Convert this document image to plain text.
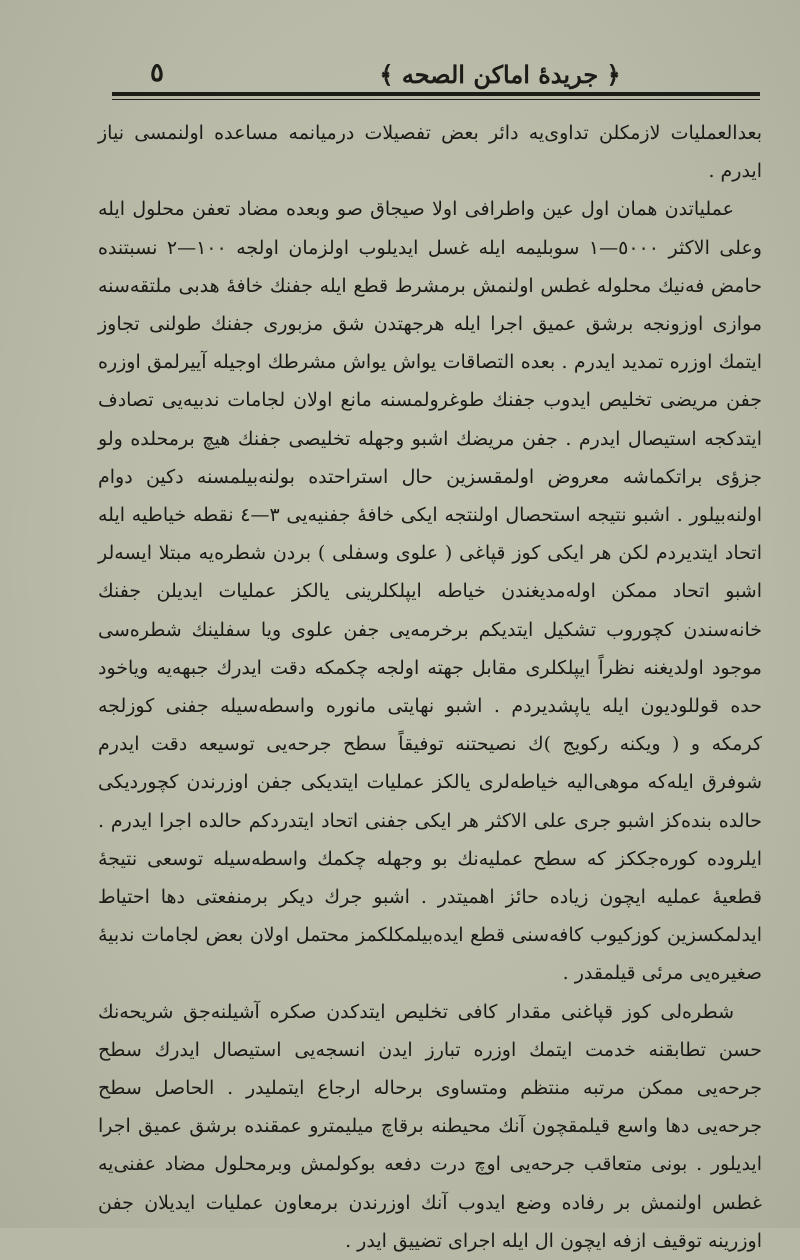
٥	﴿ جريدهٔ اماكن الصحه ﴾

بعدالعمليات لازمكلن تداوی‌يه دائر بعض تفصيلات درميانمه مساعده اولنمسی نياز ايدرم .

عملياتدن همان اول عين واطرافی اولا صيجاق صو وبعده مضاد تعفن محلول ايله وعلى الاكثر ٥٠٠٠—١ سوبليمه ايله غسل ايديلوب اولزمان اولجه ١٠٠—٢ نسبتنده حامض فه‌نيك محلوله غطس اولنمش برمشرط قطع ايله جفنك خافهٔ هدبی ملتقه‌سنه موازی اوزونجه برشق عميق اجرا ايله هرجهتدن شق مزبوری جفنك طولنی تجاوز ايتمك اوزره تمديد ايدرم . بعده التصاقات يواش يواش مشرطك اوجيله آييرلمق اوزره جفن مريضی تخليص ايدوب جفنك طوغرولمسنه مانع اولان لجامات ندبيه‌يی تصادف ايتدكجه استيصال ايدرم . جفن مريضك اشبو وجهله تخليصی جفنك هيچ برمحلده ولو جزؤی براتكماشه معروض اولمقسزين حال استراحتده بولنه‌بيلمسنه دكين دوام اولنه‌بيلور . اشبو نتيجه استحصال اولنتجه ايكی خافهٔ جفنيه‌يی ٣—٤ نقطه خياطيه ايله اتحاد ايتديردم لكن هر ايكی كوز قپاغی ( علوی وسفلی ) بردن شطره‌يه مبتلا ايسه‌لر اشبو اتحاد ممكن اوله‌مديغندن خياطه ايپلكلرينی يالكز عمليات ايديلن جفنك خانه‌سندن كچوروب تشكيل ايتديكم برخرمه‌يی جفن علوی ويا سفلينك شطره‌سی موجود اولديغنه نظراً ايپلكلری مقابل جهته اولجه چكمكه دقت ايدرك جبهه‌يه وياخود حده قوللوديون ايله ياپشديردم . اشبو نهايتی مانوره واسطه‌سيله جفنی كوزلجه كرمكه و ( ويكنه ركويج )ك نصيحتنه توفيقاً سطح جرحه‌يی توسيعه دقت ايدرم شوفرق ايله‌كه موهی‌اليه خياطه‌لری يالكز عمليات ايتديكی جفن اوزرندن كچورديكی حالده بنده‌كز اشبو جری على الاكثر هر ايكی جفنی اتحاد ايتدردكم حالده اجرا ايدرم . ايلروده كوره‌جككز كه سطح عمليه‌نك بو وجهله چكمك واسطه‌سيله توسعی نتيجهٔ قطعيهٔ عمليه ايچون زياده حائز اهميتدر . اشبو جرك ديكر برمنفعتی دها احتياط ايدلمكسزين كوزكيوب كافه‌سنی قطع ايده‌بيلمكلكمز محتمل اولان بعض لجامات ندبيهٔ صغيره‌يی مرئی قيلمقدر .

شطره‌لی كوز قپاغنی مقدار كافی تخليص ايتدكدن صكره آشيلنه‌جق شريحه‌نك حسن تطابقنه خدمت ايتمك اوزره تبارز ايدن انسجه‌يی استيصال ايدرك سطح جرحه‌يی ممكن مرتبه منتظم ومتساوی برحاله ارجاع ايتمليدر . الحاصل سطح جرحه‌يی دها واسع قيلمقچون آنك محيطنه برقاچ ميليمترو عمقنده برشق عميق اجرا ايديلور . بونی متعاقب جرحه‌يی اوچ درت دفعه بوكولمش وبرمحلول مضاد عفنی‌يه غطس اولنمش بر رفاده وضع ايدوب آنك اوزرندن برمعاون عمليات ايديلان جفن اوزرينه توقيف ازفه ايچون ال ايله اجرای تضييق ايدر .
